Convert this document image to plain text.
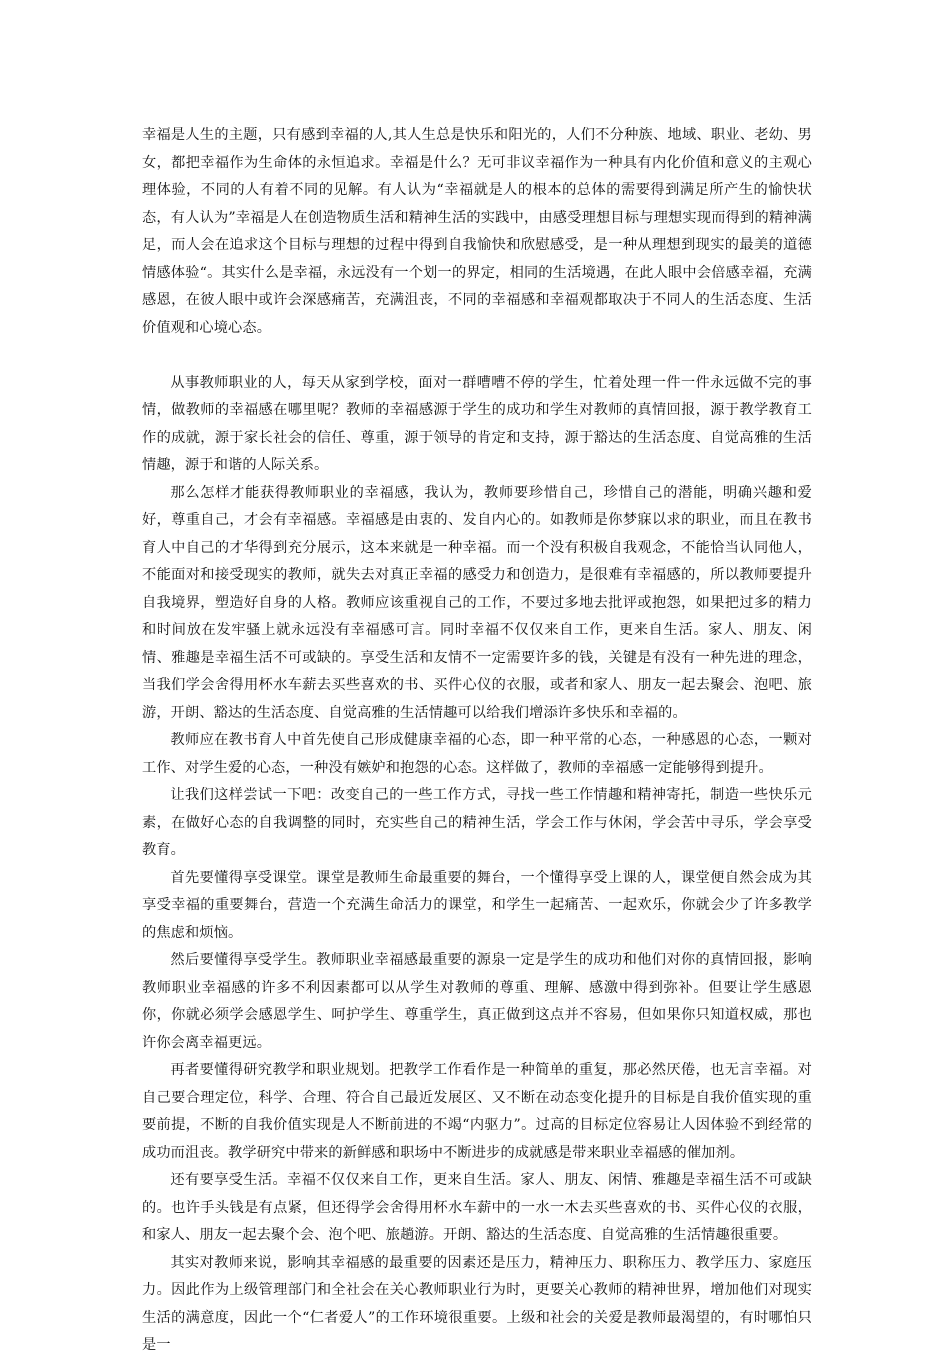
幸福是人生的主题，只有感到幸福的人,其人生总是快乐和阳光的，人们不分种族、地域、职业、老幼、男女，都把幸福作为生命体的永恒追求。幸福是什么？无可非议幸福作为一种具有内化价值和意义的主观心理体验，不同的人有着不同的见解。有人认为“幸福就是人的根本的总体的需要得到满足所产生的愉快状态，有人认为”幸福是人在创造物质生活和精神生活的实践中，由感受理想目标与理想实现而得到的精神满足，而人会在追求这个目标与理想的过程中得到自我愉快和欣慰感受，是一种从理想到现实的最美的道德情感体验“。其实什么是幸福，永远没有一个划一的界定，相同的生活境遇，在此人眼中会倍感幸福，充满感恩，在彼人眼中或许会深感痛苦，充满沮丧，不同的幸福感和幸福观都取决于不同人的生活态度、生活价值观和心境心态。

从事教师职业的人，每天从家到学校，面对一群嘈嘈不停的学生，忙着处理一件一件永远做不完的事情，做教师的幸福感在哪里呢？教师的幸福感源于学生的成功和学生对教师的真情回报，源于教学教育工作的成就，源于家长社会的信任、尊重，源于领导的肯定和支持，源于豁达的生活态度、自觉高雅的生活情趣，源于和谐的人际关系。

那么怎样才能获得教师职业的幸福感，我认为，教师要珍惜自己，珍惜自己的潜能，明确兴趣和爱好，尊重自己，才会有幸福感。幸福感是由衷的、发自内心的。如教师是你梦寐以求的职业，而且在教书育人中自己的才华得到充分展示，这本来就是一种幸福。而一个没有积极自我观念，不能恰当认同他人，不能面对和接受现实的教师，就失去对真正幸福的感受力和创造力，是很难有幸福感的，所以教师要提升自我境界，塑造好自身的人格。教师应该重视自己的工作，不要过多地去批评或抱怨，如果把过多的精力和时间放在发牢骚上就永远没有幸福感可言。同时幸福不仅仅来自工作，更来自生活。家人、朋友、闲情、雅趣是幸福生活不可或缺的。享受生活和友情不一定需要许多的钱，关键是有没有一种先进的理念，当我们学会舍得用杯水车薪去买些喜欢的书、买件心仪的衣服，或者和家人、朋友一起去聚会、泡吧、旅游，开朗、豁达的生活态度、自觉高雅的生活情趣可以给我们增添许多快乐和幸福的。

教师应在教书育人中首先使自己形成健康幸福的心态，即一种平常的心态，一种感恩的心态，一颗对工作、对学生爱的心态，一种没有嫉妒和抱怨的心态。这样做了，教师的幸福感一定能够得到提升。

让我们这样尝试一下吧：改变自己的一些工作方式，寻找一些工作情趣和精神寄托，制造一些快乐元素，在做好心态的自我调整的同时，充实些自己的精神生活，学会工作与休闲，学会苦中寻乐，学会享受教育。

首先要懂得享受课堂。课堂是教师生命最重要的舞台，一个懂得享受上课的人，课堂便自然会成为其享受幸福的重要舞台，营造一个充满生命活力的课堂，和学生一起痛苦、一起欢乐，你就会少了许多教学的焦虑和烦恼。

然后要懂得享受学生。教师职业幸福感最重要的源泉一定是学生的成功和他们对你的真情回报，影响教师职业幸福感的许多不利因素都可以从学生对教师的尊重、理解、感激中得到弥补。但要让学生感恩你，你就必须学会感恩学生、呵护学生、尊重学生，真正做到这点并不容易，但如果你只知道权威，那也许你会离幸福更远。

再者要懂得研究教学和职业规划。把教学工作看作是一种简单的重复，那必然厌倦，也无言幸福。对自己要合理定位，科学、合理、符合自己最近发展区、又不断在动态变化提升的目标是自我价值实现的重要前提，不断的自我价值实现是人不断前进的不竭“内驱力”。过高的目标定位容易让人因体验不到经常的成功而沮丧。教学研究中带来的新鲜感和职场中不断进步的成就感是带来职业幸福感的催加剂。

还有要享受生活。幸福不仅仅来自工作，更来自生活。家人、朋友、闲情、雅趣是幸福生活不可或缺的。也许手头钱是有点紧，但还得学会舍得用杯水车薪中的一水一木去买些喜欢的书、买件心仪的衣服，和家人、朋友一起去聚个会、泡个吧、旅趟游。开朗、豁达的生活态度、自觉高雅的生活情趣很重要。

其实对教师来说，影响其幸福感的最重要的因素还是压力，精神压力、职称压力、教学压力、家庭压力。因此作为上级管理部门和全社会在关心教师职业行为时，更要关心教师的精神世界，增加他们对现实生活的满意度，因此一个“仁者爱人”的工作环境很重要。上级和社会的关爱是教师最渴望的，有时哪怕只是一
